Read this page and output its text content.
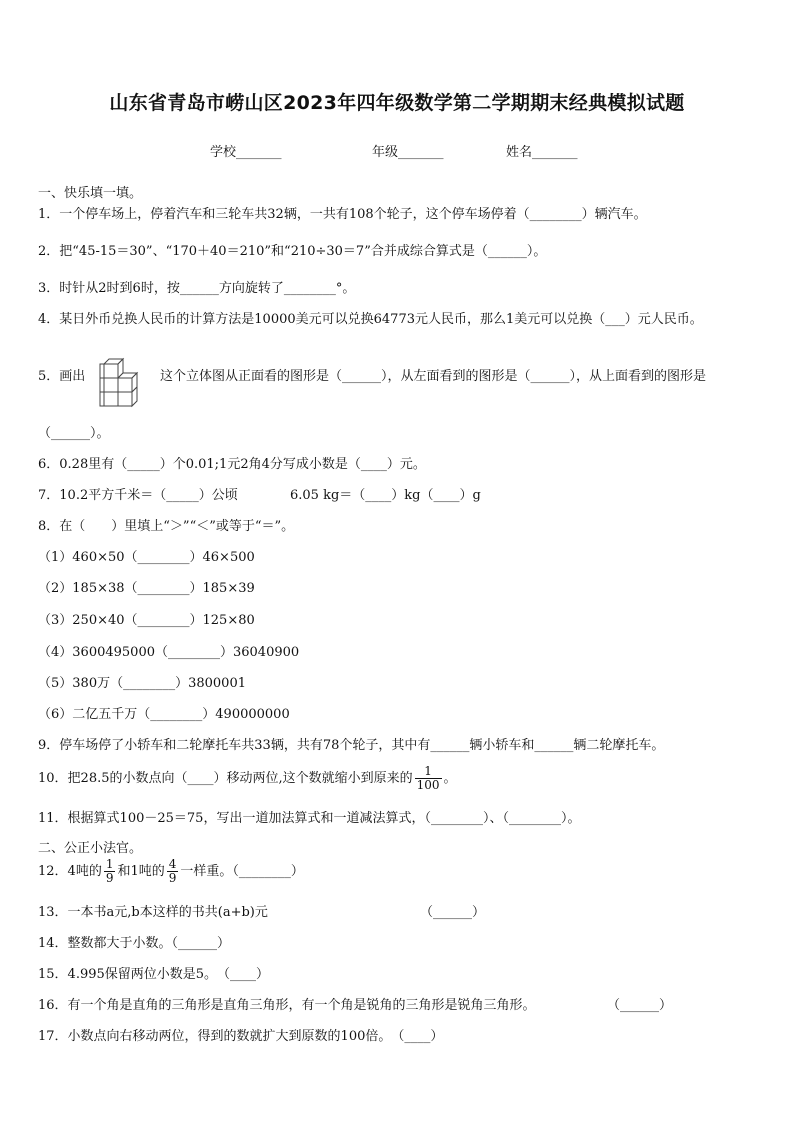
山东省青岛市崂山区2023年四年级数学第二学期期末经典模拟试题
学校_______	年级_______	姓名_______
一、快乐填一填。
1．一个停车场上，停着汽车和三轮车共32辆，一共有108个轮子，这个停车场停着（________）辆汽车。
2．把“45-15＝30”、“170＋40＝210”和“210÷30＝7”合并成综合算式是（______）。
3．时针从2时到6时，按______方向旋转了________°。
4．某日外币兑换人民币的计算方法是10000美元可以兑换64773元人民币，那么1美元可以兑换（___）元人民币。
5．画出	这个立体图从正面看的图形是（______），从左面看到的图形是（______），从上面看到的图形是
（______）。
6．0.28里有（_____）个0.01;1元2角4分写成小数是（____）元。
7．10.2平方千米＝（_____）公顷	6.05 kg＝（____）kg（____）g
8．在（　　）里填上“＞”“＜”或等于“＝”。
（1）460×50（________）46×500
（2）185×38（________）185×39
（3）250×40（________）125×80
（4）3600495000（________）36040900
（5）380万（________）3800001
（6）二亿五千万（________）490000000
9．停车场停了小轿车和二轮摩托车共33辆，共有78个轮子，其中有______辆小轿车和______辆二轮摩托车。
10．把28.5的小数点向（____）移动两位,这个数就缩小到原来的 $\frac{1}{100}$ 。
11．根据算式100－25＝75，写出一道加法算式和一道减法算式，（________）、（________）。
二、公正小法官。
12．4吨的 $\frac{1}{9}$ 和1吨的 $\frac{4}{9}$ 一样重。（________）
13．一本书a元,b本这样的书共(a+b)元	（______）
14．整数都大于小数。（______）
15．4.995保留两位小数是5。　（____）
16．有一个角是直角的三角形是直角三角形，有一个角是锐角的三角形是锐角三角形。	（______）
17．小数点向右移动两位，得到的数就扩大到原数的100倍。　（____）
